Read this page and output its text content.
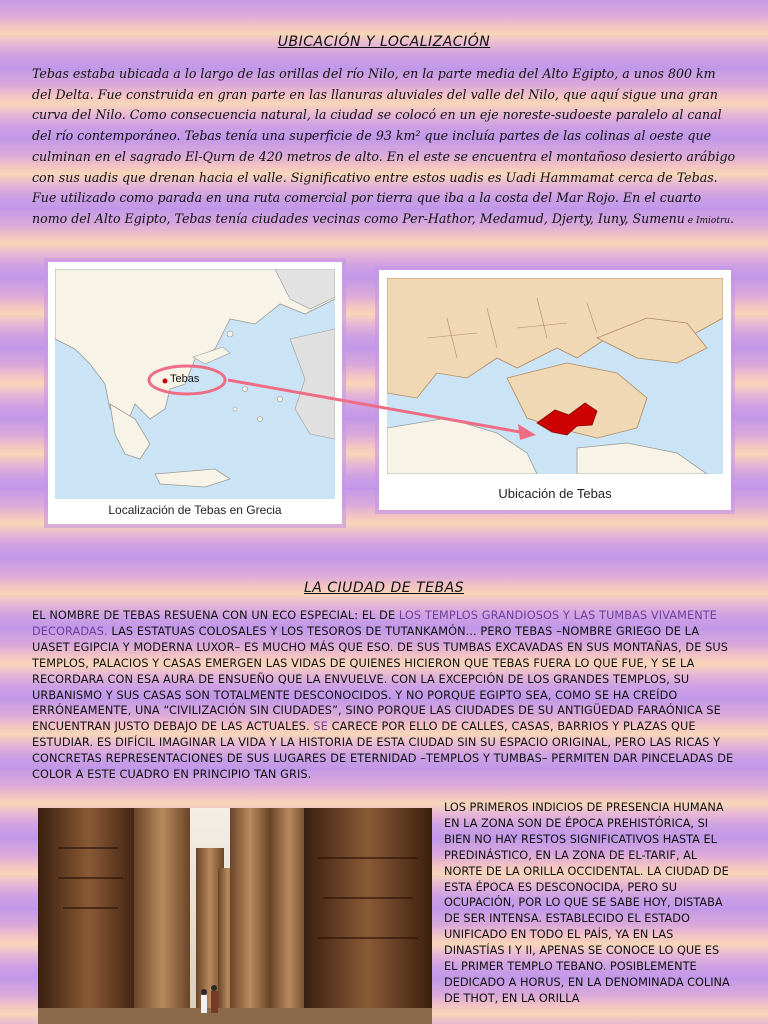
UBICACIÓN Y LOCALIZACIÓN

Tebas estaba ubicada a lo largo de las orillas del río Nilo, en la parte media del Alto Egipto, a unos 800 km del Delta. Fue construida en gran parte en las llanuras aluviales del valle del Nilo, que aquí sigue una gran curva del Nilo. Como consecuencia natural, la ciudad se colocó en un eje noreste-sudoeste paralelo al canal del río contemporáneo. Tebas tenía una superficie de 93 km² que incluía partes de las colinas al oeste que culminan en el sagrado El-Qurn de 420 metros de alto. En el este se encuentra el montañoso desierto arábigo con sus uadis que drenan hacia el valle. Significativo entre estos uadis es Uadi Hammamat cerca de Tebas. Fue utilizado como parada en una ruta comercial por tierra que iba a la costa del Mar Rojo. En el cuarto nomo del Alto Egipto, Tebas tenía ciudades vecinas como Per-Hathor, Medamud, Djerty, Iuny, Sumenu e Imiotru.

Tebas
Localización de Tebas en Grecia
Ubicación de Tebas
LA CIUDAD DE TEBAS

EL NOMBRE DE TEBAS RESUENA CON UN ECO ESPECIAL: EL DE LOS TEMPLOS GRANDIOSOS Y LAS TUMBAS VIVAMENTE DECORADAS. LAS ESTATUAS COLOSALES Y LOS TESOROS DE TUTANKAMÓN... PERO TEBAS –NOMBRE GRIEGO DE LA UASET EGIPCIA Y MODERNA LUXOR– ES MUCHO MÁS QUE ESO. DE SUS TUMBAS EXCAVADAS EN SUS MONTAÑAS, DE SUS TEMPLOS, PALACIOS Y CASAS EMERGEN LAS VIDAS DE QUIENES HICIERON QUE TEBAS FUERA LO QUE FUE, Y SE LA RECORDARA CON ESA AURA DE ENSUEÑO QUE LA ENVUELVE. CON LA EXCEPCIÓN DE LOS GRANDES TEMPLOS, SU URBANISMO Y SUS CASAS SON TOTALMENTE DESCONOCIDOS. Y NO PORQUE EGIPTO SEA, COMO SE HA CREÍDO ERRÓNEAMENTE, UNA “CIVILIZACIÓN SIN CIUDADES”, SINO PORQUE LAS CIUDADES DE SU ANTIGÜEDAD FARAÓNICA SE ENCUENTRAN JUSTO DEBAJO DE LAS ACTUALES. SE CARECE POR ELLO DE CALLES, CASAS, BARRIOS Y PLAZAS QUE ESTUDIAR. ES DIFÍCIL IMAGINAR LA VIDA Y LA HISTORIA DE ESTA CIUDAD SIN SU ESPACIO ORIGINAL, PERO LAS RICAS Y CONCRETAS REPRESENTACIONES DE SUS LUGARES DE ETERNIDAD –TEMPLOS Y TUMBAS– PERMITEN DAR PINCELADAS DE COLOR A ESTE CUADRO EN PRINCIPIO TAN GRIS.

LOS PRIMEROS INDICIOS DE PRESENCIA HUMANA EN LA ZONA SON DE ÉPOCA PREHISTÓRICA, SI BIEN NO HAY RESTOS SIGNIFICATIVOS HASTA EL PREDINÁSTICO, EN LA ZONA DE EL-TARIF, AL NORTE DE LA ORILLA OCCIDENTAL. LA CIUDAD DE ESTA ÉPOCA ES DESCONOCIDA, PERO SU OCUPACIÓN, POR LO QUE SE SABE HOY, DISTABA DE SER INTENSA. ESTABLECIDO EL ESTADO UNIFICADO EN TODO EL PAÍS, YA EN LAS DINASTÍAS I Y II, APENAS SE CONOCE LO QUE ES EL PRIMER TEMPLO TEBANO. POSIBLEMENTE DEDICADO A HORUS, EN LA DENOMINADA COLINA DE THOT, EN LA ORILLA
